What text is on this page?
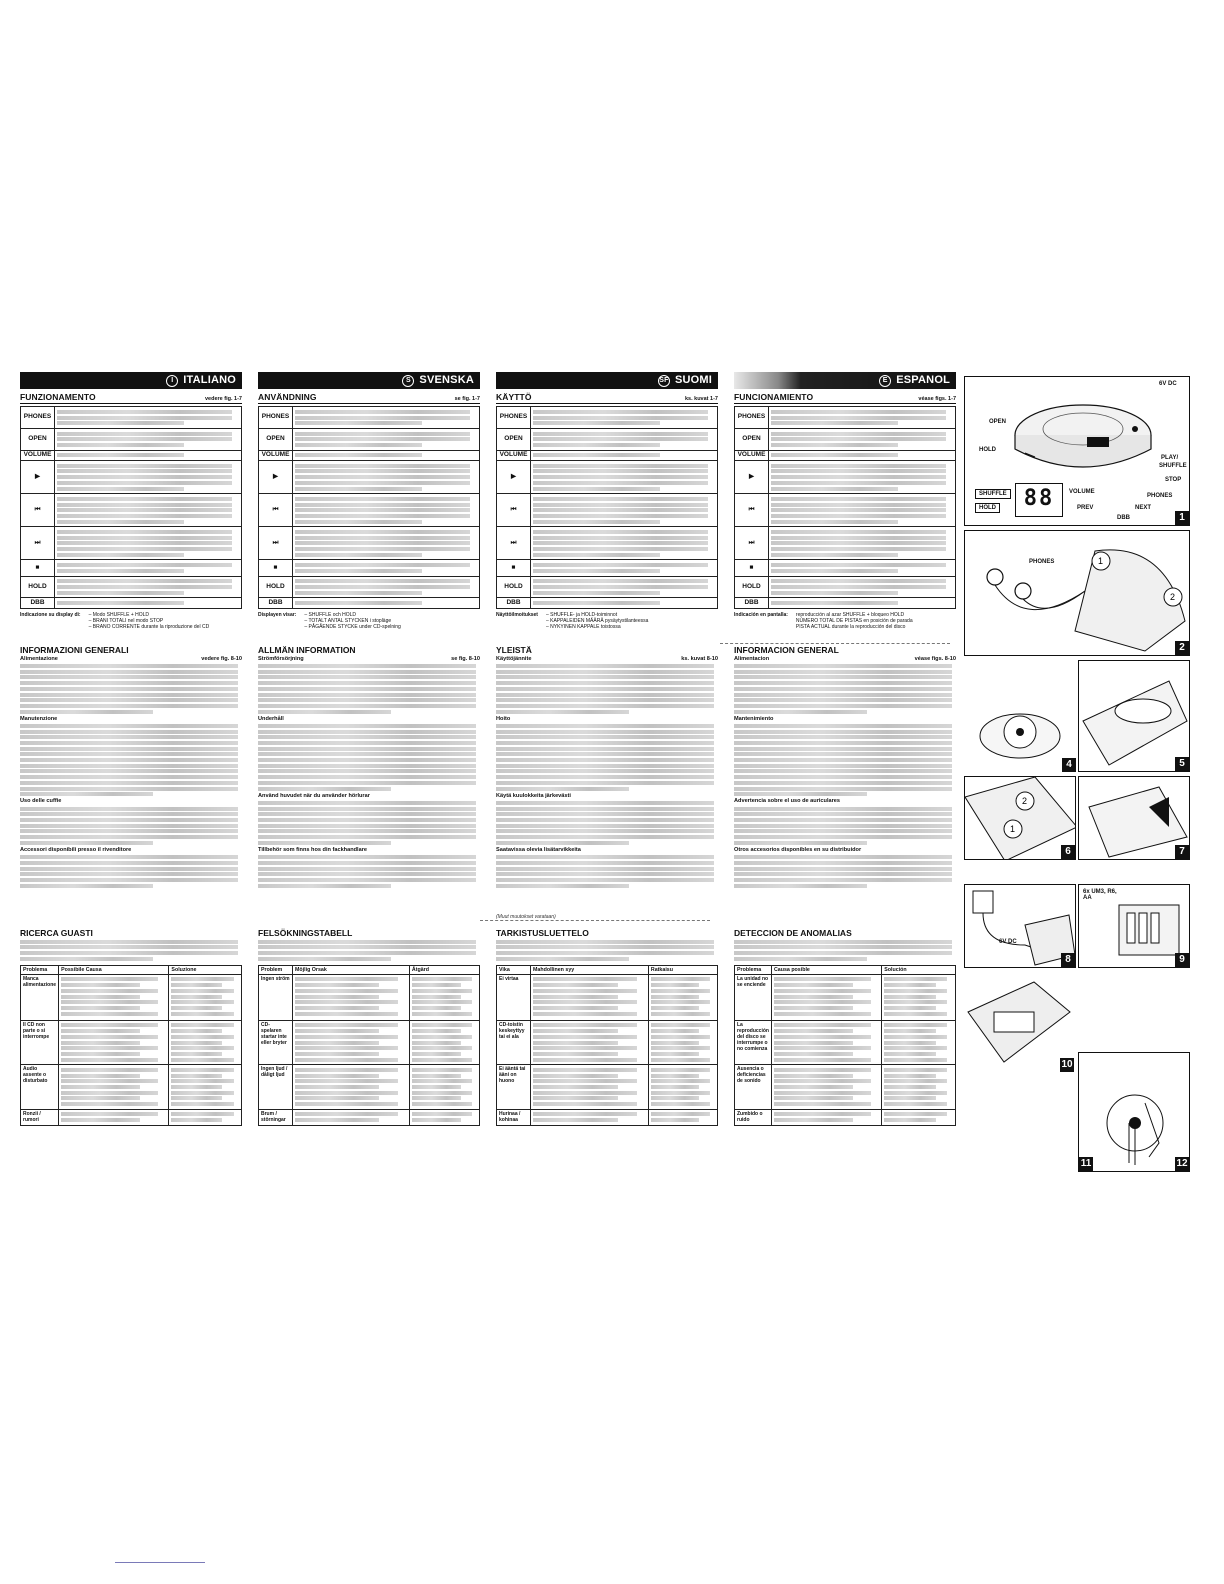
I ITALIANO
FUNZIONAMENTO	vedere fig. 1-7
PHONES	

OPEN	

VOLUME	

▶	

⏮	

⏭	

■	

HOLD	

DBB	
Indicazione su display di: – Modo SHUFFLE + HOLD
– BRANI TOTALI nel modo STOP
– BRANO CORRENTE durante la riproduzione del CD
S SVENSKA
ANVÄNDNING	se fig. 1-7
PHONES	

OPEN	

VOLUME	

▶	

⏮	

⏭	

■	

HOLD	

DBB	
Displayen visar: – SHUFFLE och HOLD
– TOTALT ANTAL STYCKEN i stopläge
– PÅGÅENDE STYCKE under CD-spelning
SF SUOMI
KÄYTTÖ	ks. kuvat 1-7
PHONES	

OPEN	

VOLUME	

▶	

⏮	

⏭	

■	

HOLD	

DBB	
Näyttöilmoitukset – SHUFFLE- ja HOLD-toiminnot
– KAPPALEIDEN MÄÄRÄ pysäytystilanteessa
– NYKYINEN KAPPALE toistossa
E ESPANOL
FUNCIONAMIENTO	véase figs. 1-7
PHONES	

OPEN	

VOLUME	

▶	

⏮	

⏭	

■	

HOLD	

DBB	
Indicación en pantalla: reproducción al azar SHUFFLE + bloqueo HOLD
NÚMERO TOTAL DE PISTAS en posición de parada
PISTA ACTUAL durante la reproducción del disco
INFORMAZIONI GENERALI
Alimentazione	vedere fig. 8-10
Manutenzione
Uso delle cuffie
Accessori disponibili presso il rivenditore
ALLMÄN INFORMATION
Strömförsörjning	se fig. 8-10
Underhåll
Använd huvudet när du använder hörlurar
Tillbehör som finns hos din fackhandlare
YLEISTÄ
Käyttöjännite	ks. kuvat 8-10
Hoito
Käytä kuulokkeita järkevästi
Saatavissa olevia lisätarvikkeita
INFORMACION GENERAL
Alimentacion	véase figs. 8-10
Mantenimiento
Advertencia sobre el uso de auriculares
Otros accesorios disponibles en su distribuidor
(Muut muutokset varataan)
RICERCA GUASTI
Problema	Possibile Causa	Soluzione
Manca alimentazione	

Il CD non parte o si interrompe	

Audio assente o disturbato	

Ronzii / rumori	

FELSÖKNINGSTABELL
Problem	Möjlig Orsak	Åtgärd
Ingen ström	

CD-spelaren startar inte eller bryter	

Ingen ljud / dåligt ljud	

Brum / störningar	

TARKISTUSLUETTELO
Vika	Mahdollinen syy	Ratkaisu
Ei virtaa	

CD-toistin keskeyttyy tai ei ala	

Ei ääntä tai ääni on huono	

Hurinaa / kohinaa	

DETECCION DE ANOMALIAS
Problema	Causa posible	Solución
La unidad no se enciende	

La reproducción del disco se interrumpe o no comienza	

Ausencia o deficiencias de sonido	

Zumbido o ruido	

6V DC
OPEN
HOLD
PLAY/
SHUFFLE
STOP
PHONES
DBB
PREV	NEXT
VOLUME
88
SHUFFLE
HOLD
1
1
2
PHONES
2
4	5
2
1
6	7
6V DC
8
6x UM3, R6, AA
9
10
11	12
